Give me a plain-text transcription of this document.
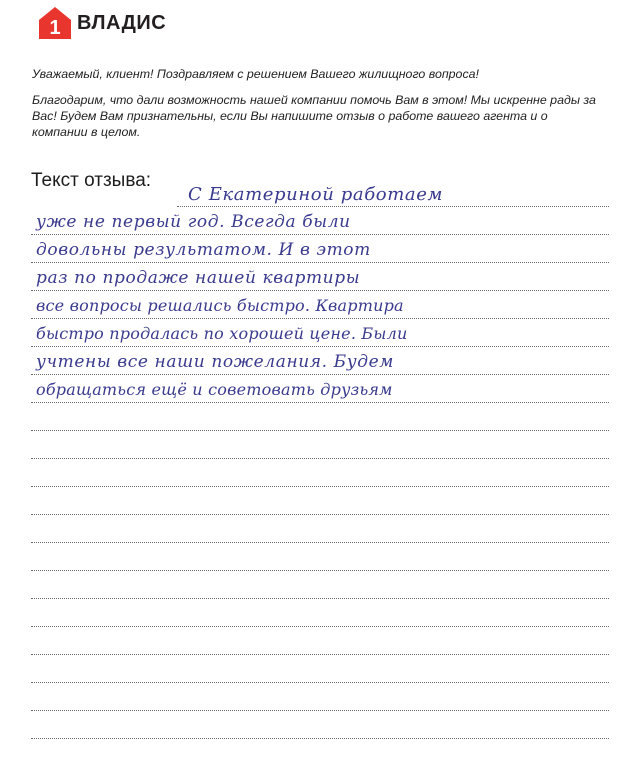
1 ВЛАДИС

Уважаемый, клиент! Поздравляем с решением Вашего жилищного вопроса!

Благодарим, что дали возможность нашей компании помочь Вам в этом! Мы искренне рады за Вас! Будем Вам признательны, если Вы напишите отзыв о работе вашего агента и о компании в целом.

Текст отзыва:
С Екатериной работаем
уже не первый год. Всегда были
довольны результатом. И в этот
раз по продаже нашей квартиры
все вопросы решались быстро. Квартира
быстро продалась по хорошей цене. Были
учтены все наши пожелания. Будем
обращаться ещё и советовать друзьям
